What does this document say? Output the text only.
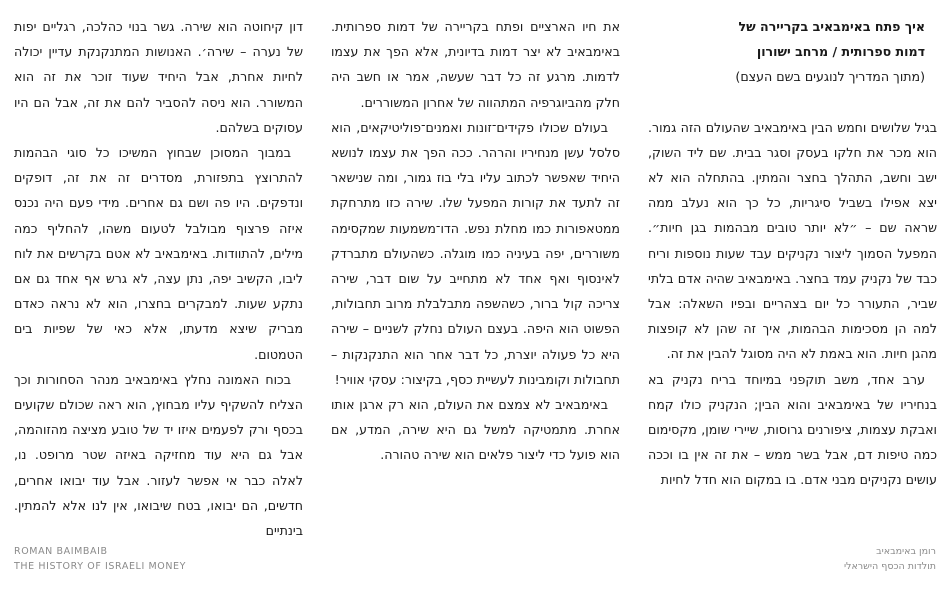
איך פתח באימבאיב בקריירה של

דמות ספרותית / מרחב ישורון

(מתוך המדריך לנוגעים בשם העצם)

בגיל שלושים וחמש הבין באימבאיב שהעולם הזה גמור. הוא מכר את חלקו בעסק וסגר בבית. שם ליד השוק, ישב וחשב, התהלך בחצר והמתין. בהתחלה הוא לא יצא אפילו בשביל סיגריות, כל כך הוא נעלב ממה שראה שם – ״לא יותר טובים מבהמות בגן חיות״. המפעל הסמוך ליצור נקניקים עבד שעות נוספות וריח כבד של נקניק עמד בחצר. באימבאיב שהיה אדם בלתי שביר, התעורר כל יום בצהריים ובפיו השאלה: אבל למה הן מסכימות הבהמות, איך זה שהן לא קופצות מהגן חיות. הוא באמת לא היה מסוגל להבין את זה.

ערב אחד, משב תוקפני במיוחד בריח נקניק בא בנחיריו של באימבאיב והוא הבין; הנקניק כולו קמח ואבקת עצמות, ציפורנים גרוסות, שיירי שומן, מקסימום כמה טיפות דם, אבל בשר ממש – את זה אין בו וככה עושים נקניקים מבני אדם. בו במקום הוא חדל לחיות

את חיו הארציים ופתח בקריירה של דמות ספרותית. באימבאיב לא יצר דמות בדיונית, אלא הפך את עצמו לדמות. מרגע זה כל דבר שעשה, אמר או חשב היה חלק מהביוגרפיה המתהווה של אחרון המשוררים.

בעולם שכולו פקידים־זונות ואמנים־פוליטיקאים, הוא סלסל עשן מנחיריו והרהר. ככה הפך את עצמו לנושא היחיד שאפשר לכתוב עליו בלי בוז גמור, ומה שנישאר זה לתעד את קורות המפעל שלו. שירה כזו מתרחקת ממטאפורות כמו מחלת נפש. הדו־משמעות שמקסימה משוררים, יפה בעיניה כמו מוגלה. כשהעולם מתברדק לאינסוף ואף אחד לא מתחייב על שום דבר, שירה צריכה קול ברור, כשהשפה מתבלבלת מרוב תחבולות, הפשוט הוא היפה. בעצם העולם נחלק לשניים – שירה היא כל פעולה יוצרת, כל דבר אחר הוא התנקנקות – תחבולות וקומבינות לעשיית כסף, בקיצור: עסקי אוויר!

באימבאיב לא צמצם את העולם, הוא רק ארגן אותו אחרת. מתמטיקה למשל גם היא שירה, המדע, אם הוא פועל כדי ליצור פלאים הוא שירה טהורה.

דון קיחוטה הוא שירה. גשר בנוי כהלכה, רגליים יפות של נערה – שירה׳. האנושות המתנקנקת עדיין יכולה לחיות אחרת, אבל היחיד שעוד זוכר את זה הוא המשורר. הוא ניסה להסביר להם את זה, אבל הם היו עסוקים בשלהם.

במבוך המסוכן שבחוץ המשיכו כל סוגי הבהמות להתרוצץ בתפזורת, מסדרים זה את זה, דופקים ונדפקים. היו פה ושם גם אחרים. מידי פעם היה נכנס איזה פרצוף מבולבל לטעום משהו, להחליף כמה מילים, להתוודות. באימבאיב לא אטם בקרשים את לוח ליבו, הקשיב יפה, נתן עצה, לא גרש אף אחד גם אם נתקע שעות. למבקרים בחצרו, הוא לא נראה כאדם מבריק שיצא מדעתו, אלא כאי של שפיות בים הטמטום.

בכוח האמונה נחלץ באימבאיב מנהר הסחורות וכך הצליח להשקיף עליו מבחוץ, הוא ראה שכולם שקועים בכסף ורק לפעמים איזו יד של טובע מציצה מהזוהמה, אבל גם היא עוד מחזיקה באיזה שטר מרופט. נו, לאלה כבר אי אפשר לעזור. אבל עוד יבואו אחרים, חדשים, הם יבואו, בטח שיבואו, אין לנו אלא להמתין. בינתיים

ROMAN BAIMBAIB
THE HISTORY OF ISRAELI MONEY
רומן באימבאיב
תולדות הכסף הישראלי
